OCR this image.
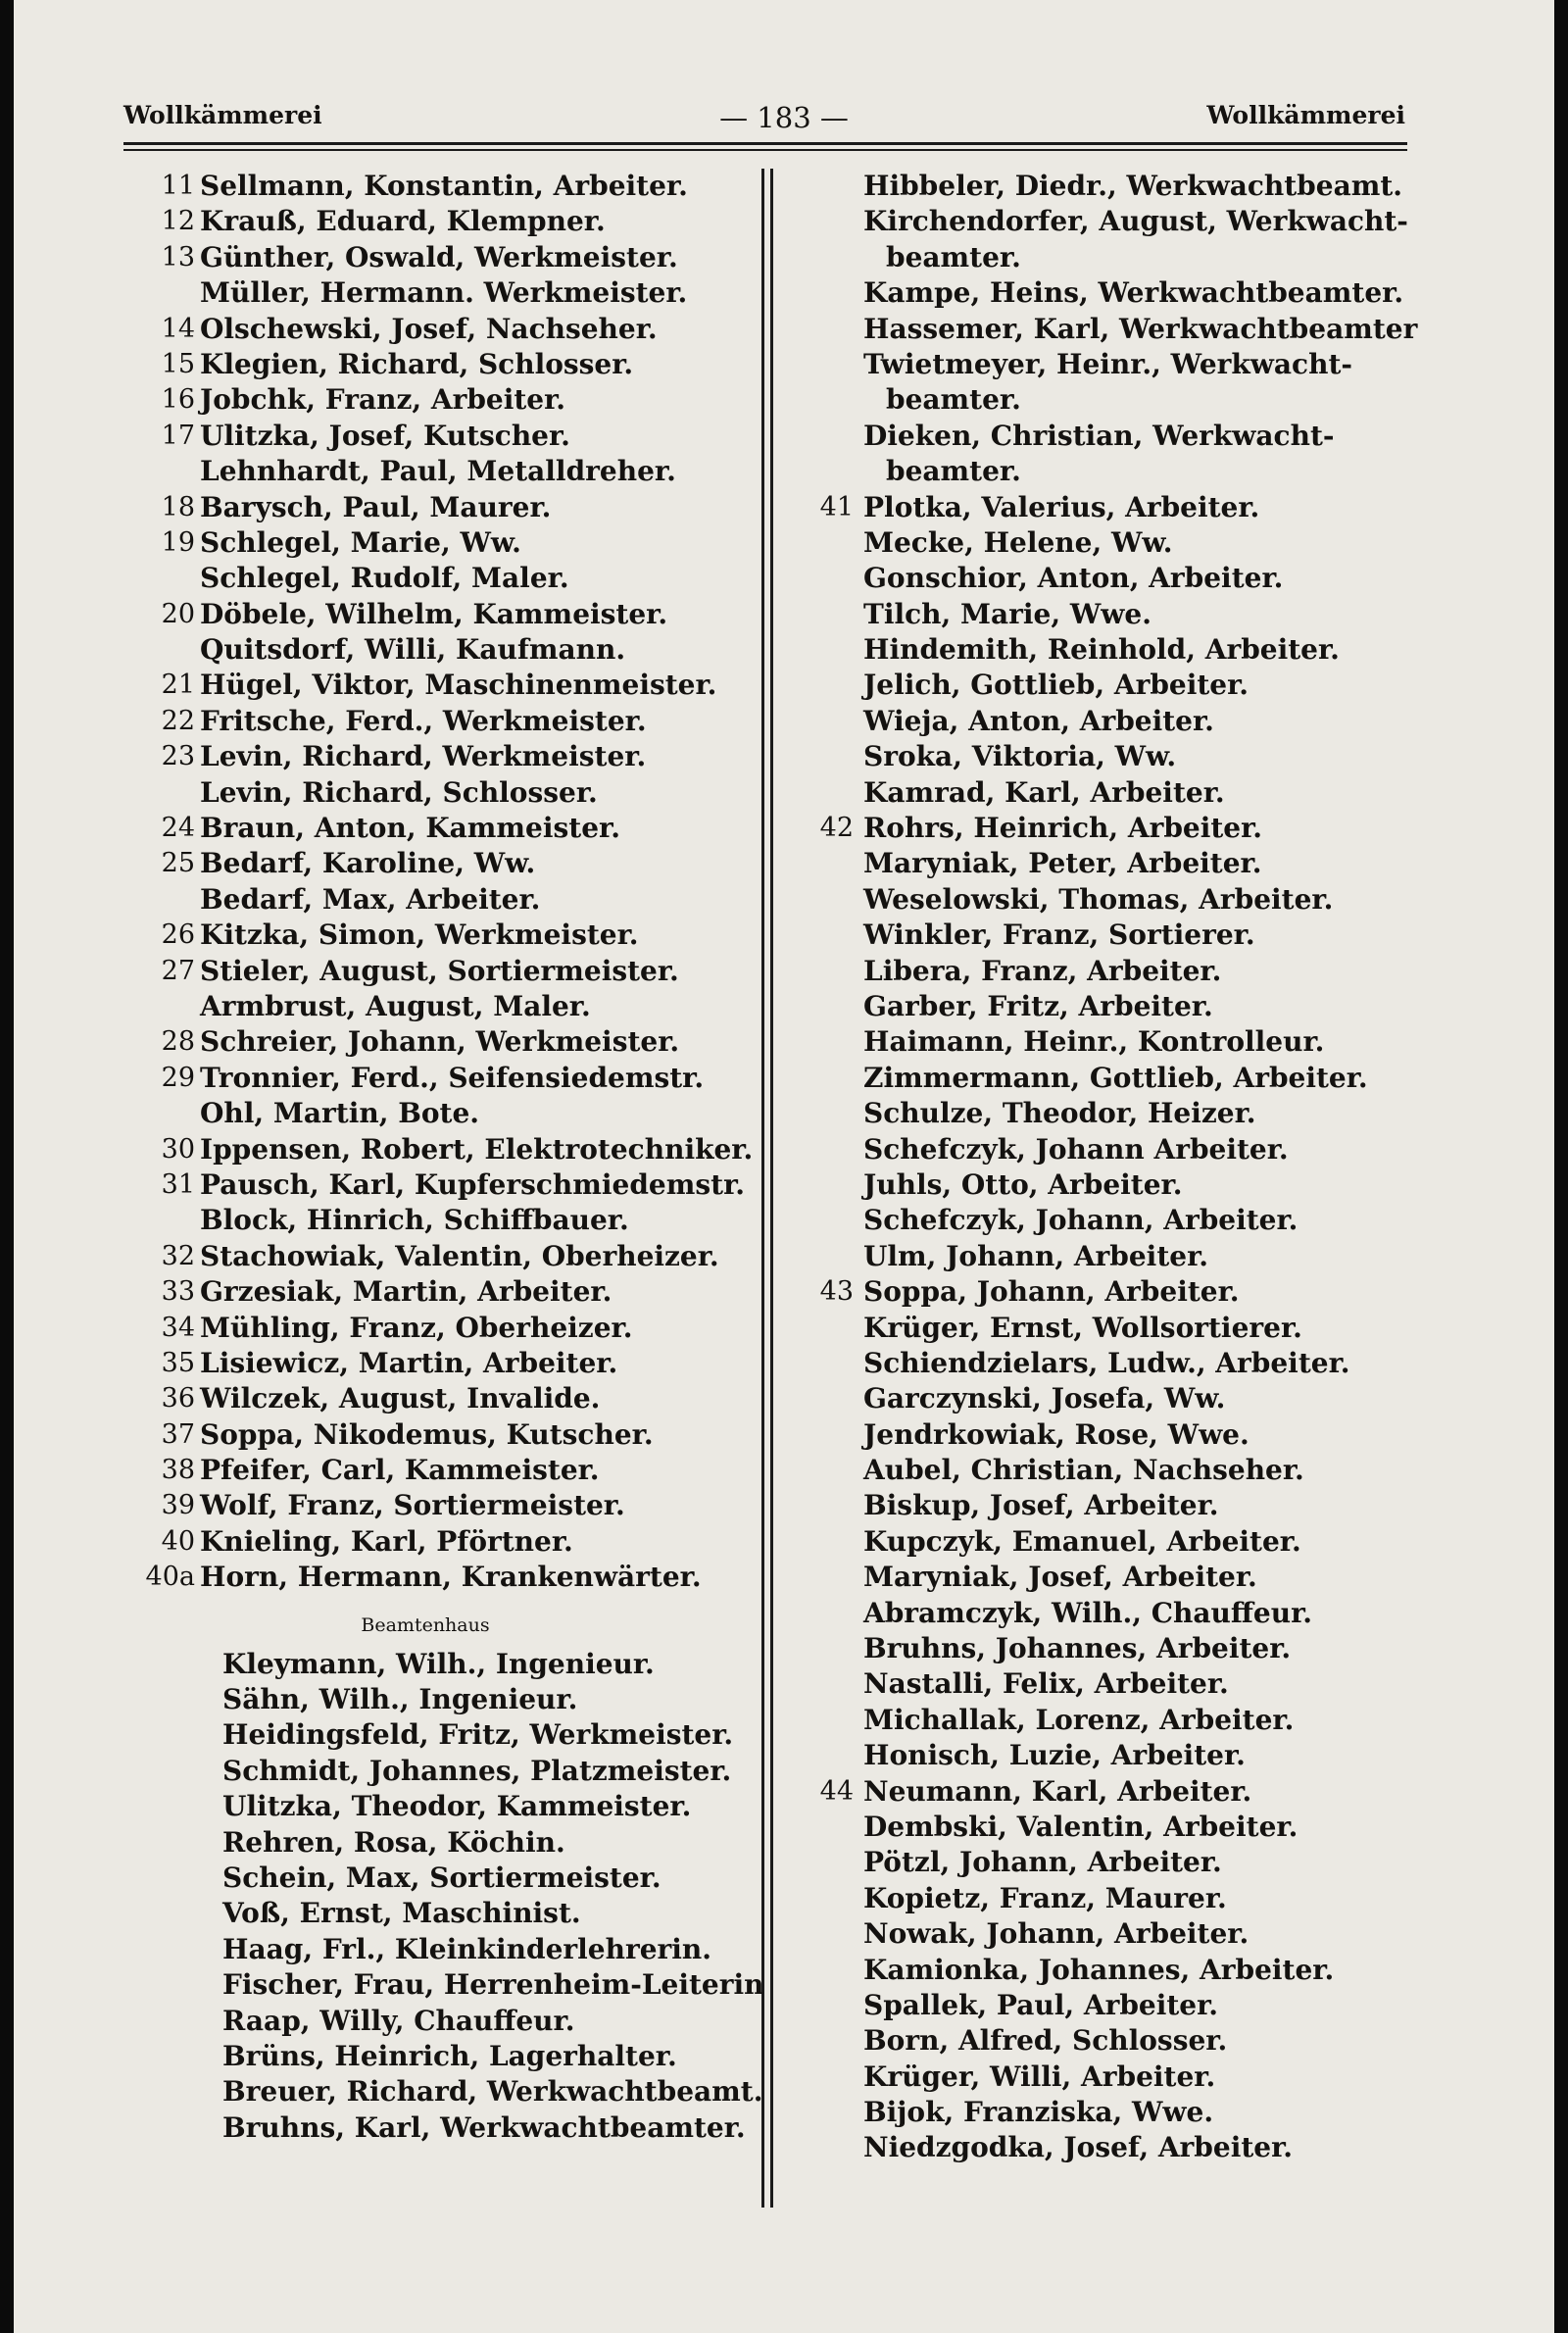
Wollkämmerei	— 183 —	Wollkämmerei
11 Sellmann, Konstantin, Arbeiter.
12 Krauß, Eduard, Klempner.
13 Günther, Oswald, Werkmeister.
Müller, Hermann. Werkmeister.
14 Olschewski, Josef, Nachseher.
15 Klegien, Richard, Schlosser.
16 Jobchk, Franz, Arbeiter.
17 Ulitzka, Josef, Kutscher.
Lehnhardt, Paul, Metalldreher.
18 Barysch, Paul, Maurer.
19 Schlegel, Marie, Ww.
Schlegel, Rudolf, Maler.
20 Döbele, Wilhelm, Kammeister.
Quitsdorf, Willi, Kaufmann.
21 Hügel, Viktor, Maschinenmeister.
22 Fritsche, Ferd., Werkmeister.
23 Levin, Richard, Werkmeister.
Levin, Richard, Schlosser.
24 Braun, Anton, Kammeister.
25 Bedarf, Karoline, Ww.
Bedarf, Max, Arbeiter.
26 Kitzka, Simon, Werkmeister.
27 Stieler, August, Sortiermeister.
Armbrust, August, Maler.
28 Schreier, Johann, Werkmeister.
29 Tronnier, Ferd., Seifensiedemstr.
Ohl, Martin, Bote.
30 Ippensen, Robert, Elektrotechniker.
31 Pausch, Karl, Kupferschmiedemstr.
Block, Hinrich, Schiffbauer.
32 Stachowiak, Valentin, Oberheizer.
33 Grzesiak, Martin, Arbeiter.
34 Mühling, Franz, Oberheizer.
35 Lisiewicz, Martin, Arbeiter.
36 Wilczek, August, Invalide.
37 Soppa, Nikodemus, Kutscher.
38 Pfeifer, Carl, Kammeister.
39 Wolf, Franz, Sortiermeister.
40 Knieling, Karl, Pförtner.
40a Horn, Hermann, Krankenwärter.
Beamtenhaus
Kleymann, Wilh., Ingenieur.
Sähn, Wilh., Ingenieur.
Heidingsfeld, Fritz, Werkmeister.
Schmidt, Johannes, Platzmeister.
Ulitzka, Theodor, Kammeister.
Rehren, Rosa, Köchin.
Schein, Max, Sortiermeister.
Voß, Ernst, Maschinist.
Haag, Frl., Kleinkinderlehrerin.
Fischer, Frau, Herrenheim-Leiterin
Raap, Willy, Chauffeur.
Brüns, Heinrich, Lagerhalter.
Breuer, Richard, Werkwachtbeamt.
Bruhns, Karl, Werkwachtbeamter.
Hibbeler, Diedr., Werkwachtbeamt.
Kirchendorfer, August, Werkwacht-
beamter.
Kampe, Heins, Werkwachtbeamter.
Hassemer, Karl, Werkwachtbeamter
Twietmeyer, Heinr., Werkwacht-
beamter.
Dieken, Christian, Werkwacht-
beamter.
41 Plotka, Valerius, Arbeiter.
Mecke, Helene, Ww.
Gonschior, Anton, Arbeiter.
Tilch, Marie, Wwe.
Hindemith, Reinhold, Arbeiter.
Jelich, Gottlieb, Arbeiter.
Wieja, Anton, Arbeiter.
Sroka, Viktoria, Ww.
Kamrad, Karl, Arbeiter.
42 Rohrs, Heinrich, Arbeiter.
Maryniak, Peter, Arbeiter.
Weselowski, Thomas, Arbeiter.
Winkler, Franz, Sortierer.
Libera, Franz, Arbeiter.
Garber, Fritz, Arbeiter.
Haimann, Heinr., Kontrolleur.
Zimmermann, Gottlieb, Arbeiter.
Schulze, Theodor, Heizer.
Schefczyk, Johann Arbeiter.
Juhls, Otto, Arbeiter.
Schefczyk, Johann, Arbeiter.
Ulm, Johann, Arbeiter.
43 Soppa, Johann, Arbeiter.
Krüger, Ernst, Wollsortierer.
Schiendzielars, Ludw., Arbeiter.
Garczynski, Josefa, Ww.
Jendrkowiak, Rose, Wwe.
Aubel, Christian, Nachseher.
Biskup, Josef, Arbeiter.
Kupczyk, Emanuel, Arbeiter.
Maryniak, Josef, Arbeiter.
Abramczyk, Wilh., Chauffeur.
Bruhns, Johannes, Arbeiter.
Nastalli, Felix, Arbeiter.
Michallak, Lorenz, Arbeiter.
Honisch, Luzie, Arbeiter.
44 Neumann, Karl, Arbeiter.
Dembski, Valentin, Arbeiter.
Pötzl, Johann, Arbeiter.
Kopietz, Franz, Maurer.
Nowak, Johann, Arbeiter.
Kamionka, Johannes, Arbeiter.
Spallek, Paul, Arbeiter.
Born, Alfred, Schlosser.
Krüger, Willi, Arbeiter.
Bijok, Franziska, Wwe.
Niedzgodka, Josef, Arbeiter.
